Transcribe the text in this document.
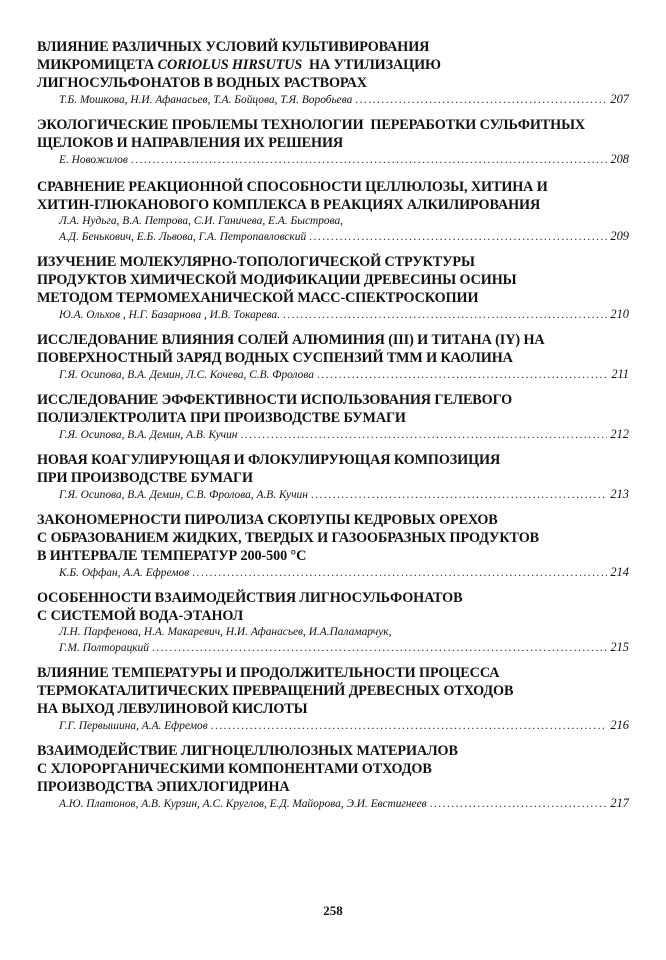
ВЛИЯНИЕ РАЗЛИЧНЫХ УСЛОВИЙ КУЛЬТИВИРОВАНИЯ
МИКРОМИЦЕТА CORIOLUS HIRSUTUS  НА УТИЛИЗАЦИЮ
ЛИГНОСУЛЬФОНАТОВ В ВОДНЫХ РАСТВОРАХ
Т.Б. Мошкова, Н.И. Афанасьев, Т.А. Бойцова, Т.Я. Воробьева .....	207
ЭКОЛОГИЧЕСКИЕ ПРОБЛЕМЫ ТЕХНОЛОГИИ  ПЕРЕРАБОТКИ СУЛЬФИТНЫХ
ЩЕЛОКОВ И НАПРАВЛЕНИЯ ИХ РЕШЕНИЯ
Е. Новожилов .....	208
СРАВНЕНИЕ РЕАКЦИОННОЙ СПОСОБНОСТИ ЦЕЛЛЮЛОЗЫ, ХИТИНА И
ХИТИН-ГЛЮКАНОВОГО КОМПЛЕКСА В РЕАКЦИЯХ АЛКИЛИРОВАНИЯ
Л.А. Нудьга, В.А. Петрова, С.И. Ганичева, Е.А. Быстрова,
А.Д. Бенькович, Е.Б. Львова, Г.А. Петропавловский .....	209
ИЗУЧЕНИЕ МОЛЕКУЛЯРНО-ТОПОЛОГИЧЕСКОЙ СТРУКТУРЫ
ПРОДУКТОВ ХИМИЧЕСКОЙ МОДИФИКАЦИИ ДРЕВЕСИНЫ ОСИНЫ
МЕТОДОМ ТЕРМОМЕХАНИЧЕСКОЙ МАСС-СПЕКТРОСКОПИИ
Ю.А. Ольхов , Н.Г. Базарнова , И.В. Токарева. .....	210
ИССЛЕДОВАНИЕ ВЛИЯНИЯ СОЛЕЙ АЛЮМИНИЯ (III) И ТИТАНА (IY) НА
ПОВЕРХНОСТНЫЙ ЗАРЯД ВОДНЫХ СУСПЕНЗИЙ ТММ И КАОЛИНА
Г.Я. Осипова, В.А. Демин, Л.С. Кочева, С.В. Фролова .....	211
ИССЛЕДОВАНИЕ ЭФФЕКТИВНОСТИ ИСПОЛЬЗОВАНИЯ ГЕЛЕВОГО
ПОЛИЭЛЕКТРОЛИТА ПРИ ПРОИЗВОДСТВЕ БУМАГИ
Г.Я. Осипова, В.А. Демин, А.В. Кучин .....	212
НОВАЯ КОАГУЛИРУЮЩАЯ И ФЛОКУЛИРУЮЩАЯ КОМПОЗИЦИЯ
ПРИ ПРОИЗВОДСТВЕ БУМАГИ
Г.Я. Осипова, В.А. Демин, С.В. Фролова, А.В. Кучин .....	213
ЗАКОНОМЕРНОСТИ ПИРОЛИЗА СКОРЛУПЫ КЕДРОВЫХ ОРЕХОВ
С ОБРАЗОВАНИЕМ ЖИДКИХ, ТВЕРДЫХ И ГАЗООБРАЗНЫХ ПРОДУКТОВ
В ИНТЕРВАЛЕ ТЕМПЕРАТУР 200-500 °С
К.Б. Оффан, А.А. Ефремов .....	214
ОСОБЕННОСТИ ВЗАИМОДЕЙСТВИЯ ЛИГНОСУЛЬФОНАТОВ
С СИСТЕМОЙ ВОДА-ЭТАНОЛ
Л.Н. Парфенова, Н.А. Макаревич, Н.И. Афанасьев, И.А.Паламарчук,
Г.М. Полторацкий .....	215
ВЛИЯНИЕ ТЕМПЕРАТУРЫ И ПРОДОЛЖИТЕЛЬНОСТИ ПРОЦЕССА
ТЕРМОКАТАЛИТИЧЕСКИХ ПРЕВРАЩЕНИЙ ДРЕВЕСНЫХ ОТХОДОВ
НА ВЫХОД ЛЕВУЛИНОВОЙ КИСЛОТЫ
Г.Г. Первышина, А.А. Ефремов .....	216
ВЗАИМОДЕЙСТВИЕ ЛИГНОЦЕЛЛЮЛОЗНЫХ МАТЕРИАЛОВ
С ХЛОРОРГАНИЧЕСКИМИ КОМПОНЕНТАМИ ОТХОДОВ
ПРОИЗВОДСТВА ЭПИХЛОГИДРИНА
А.Ю. Платонов, А.В. Курзин, А.С. Круглов, Е.Д. Майорова, Э.И. Евстигнеев .....	217
258
